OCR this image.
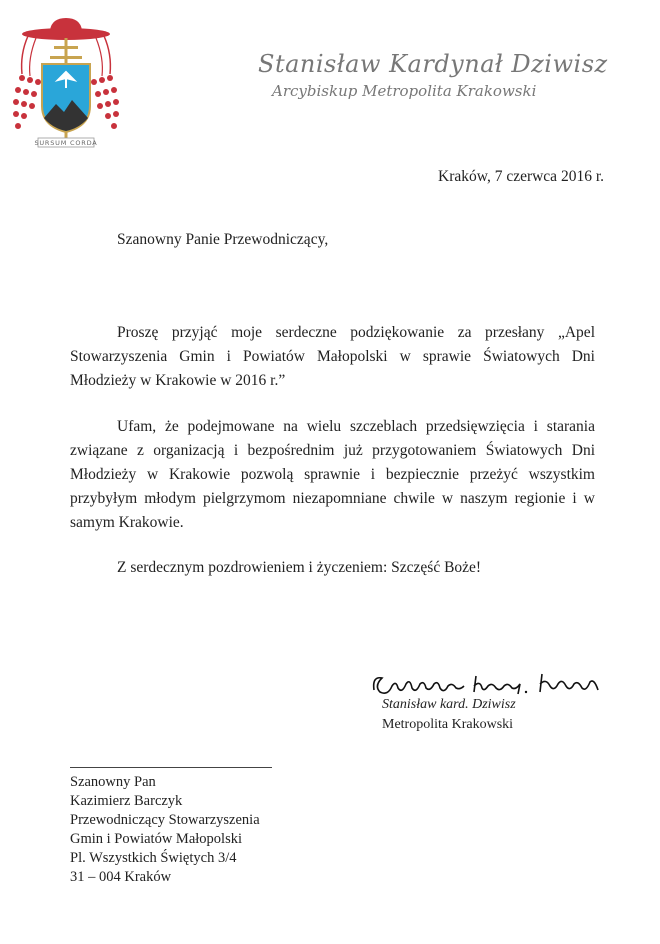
SURSUM CORDA
Stanisław Kardynał Dziwisz
Arcybiskup Metropolita Krakowski
Kraków, 7 czerwca 2016 r.
Szanowny Panie Przewodniczący,

Proszę przyjąć moje serdeczne podziękowanie za przesłany „Apel Stowarzyszenia Gmin i Powiatów Małopolski w sprawie Światowych Dni Młodzieży w Krakowie w 2016 r.”

Ufam, że podejmowane na wielu szczeblach przedsięwzięcia i starania związane z organizacją i bezpośrednim już przygotowaniem Światowych Dni Młodzieży w Krakowie pozwolą sprawnie i bezpiecznie przeżyć wszystkim przybyłym młodym pielgrzymom niezapomniane chwile w naszym regionie i w samym Krakowie.

Z serdecznym pozdrowieniem i życzeniem: Szczęść Boże!

Stanisław kard. Dziwisz
Metropolita Krakowski
Szanowny Pan
Kazimierz Barczyk
Przewodniczący Stowarzyszenia
Gmin i Powiatów Małopolski
Pl. Wszystkich Świętych 3/4
31 – 004 Kraków
